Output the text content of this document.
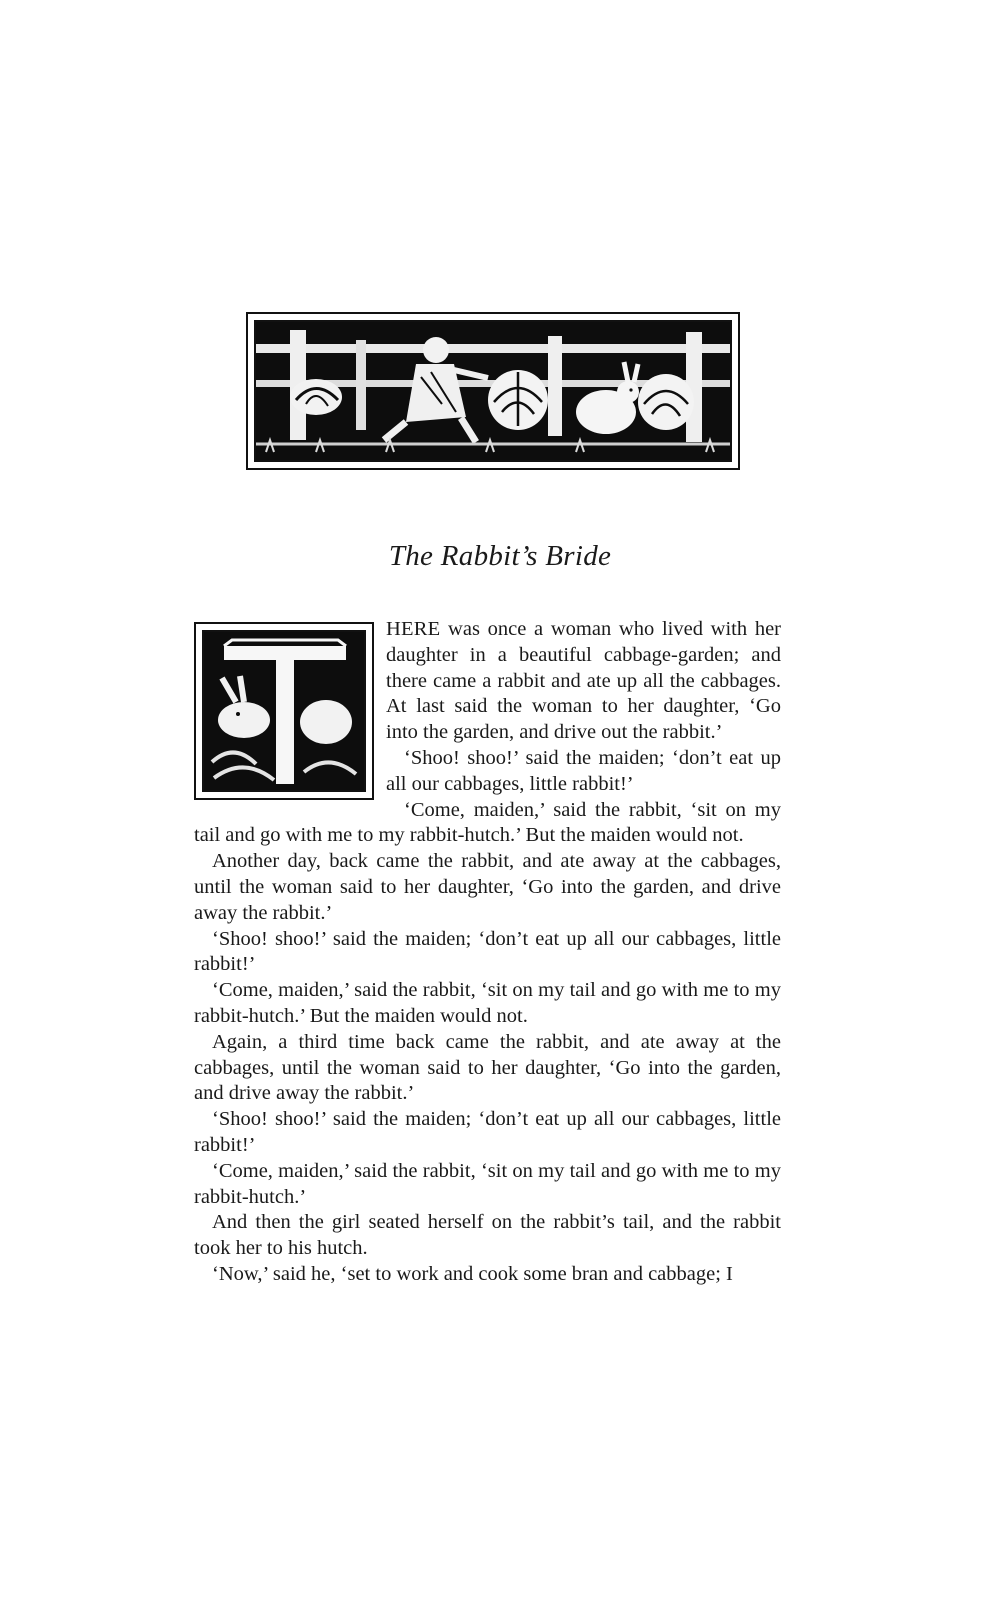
The Rabbit’s Bride

HERE was once a woman who lived with her daughter in a beautiful cabbage-garden; and there came a rabbit and ate up all the cabbages. At last said the woman to her daughter, ‘Go into the garden, and drive out the rabbit.’

‘Shoo! shoo!’ said the maiden; ‘don’t eat up all our cabbages, little rabbit!’

‘Come, maiden,’ said the rabbit, ‘sit on my tail and go with me to my rabbit-hutch.’ But the maiden would not.

Another day, back came the rabbit, and ate away at the cabbages, until the woman said to her daughter, ‘Go into the garden, and drive away the rabbit.’

‘Shoo! shoo!’ said the maiden; ‘don’t eat up all our cabbages, little rabbit!’

‘Come, maiden,’ said the rabbit, ‘sit on my tail and go with me to my rabbit-hutch.’ But the maiden would not.

Again, a third time back came the rabbit, and ate away at the cabbages, until the woman said to her daughter, ‘Go into the garden, and drive away the rabbit.’

‘Shoo! shoo!’ said the maiden; ‘don’t eat up all our cabbages, little rabbit!’

‘Come, maiden,’ said the rabbit, ‘sit on my tail and go with me to my rabbit-hutch.’

And then the girl seated herself on the rabbit’s tail, and the rabbit took her to his hutch.

‘Now,’ said he, ‘set to work and cook some bran and cabbage; I
